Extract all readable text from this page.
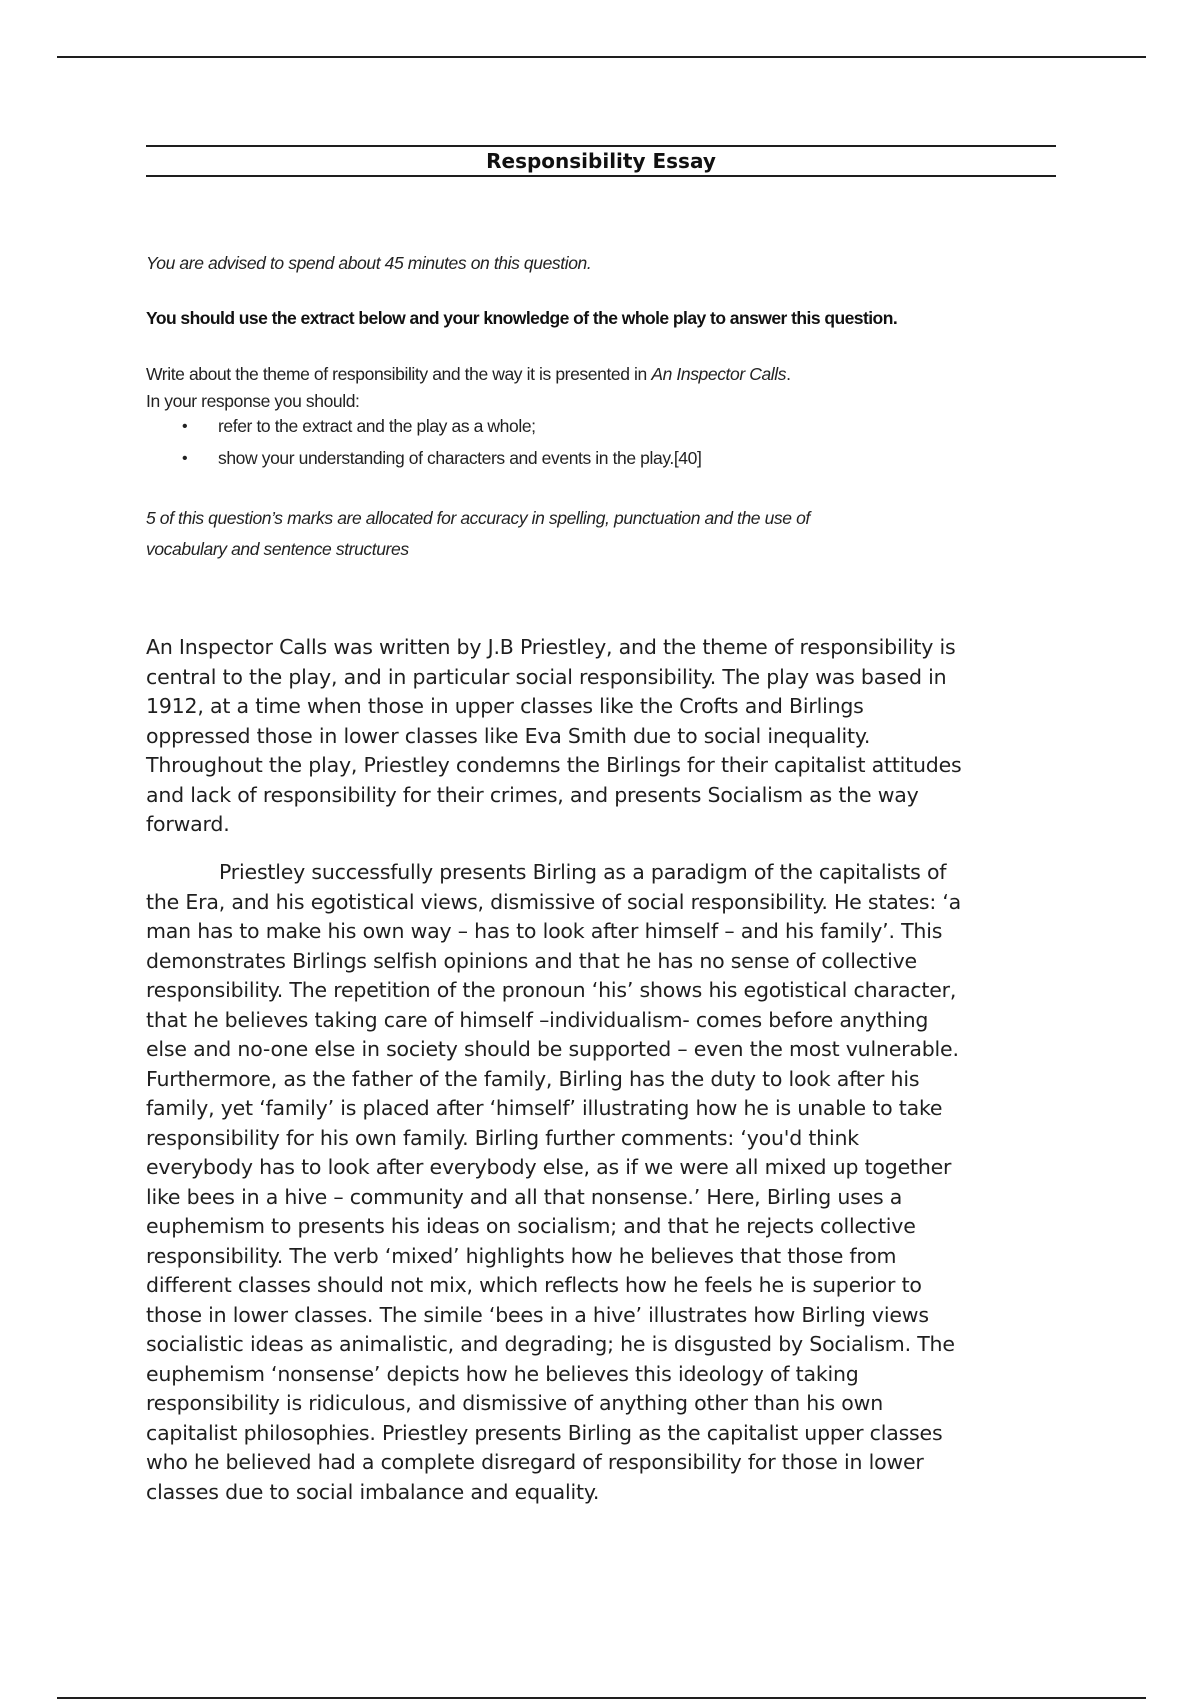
Responsibility Essay
You are advised to spend about 45 minutes on this question.
You should use the extract below and your knowledge of the whole play to answer this question.
Write about the theme of responsibility and the way it is presented in An Inspector Calls.
In your response you should:
• refer to the extract and the play as a whole;
• show your understanding of characters and events in the play.[40]
5 of this question’s marks are allocated for accuracy in spelling, punctuation and the use of
vocabulary and sentence structures

An Inspector Calls was written by J.B Priestley, and the theme of responsibility is
central to the play, and in particular social responsibility. The play was based in
1912, at a time when those in upper classes like the Crofts and Birlings
oppressed those in lower classes like Eva Smith due to social inequality.
Throughout the play, Priestley condemns the Birlings for their capitalist attitudes
and lack of responsibility for their crimes, and presents Socialism as the way
forward.

Priestley successfully presents Birling as a paradigm of the capitalists of
the Era, and his egotistical views, dismissive of social responsibility. He states: ‘a
man has to make his own way – has to look after himself – and his family’. This
demonstrates Birlings selfish opinions and that he has no sense of collective
responsibility. The repetition of the pronoun ‘his’ shows his egotistical character,
that he believes taking care of himself –individualism- comes before anything
else and no-one else in society should be supported – even the most vulnerable.
Furthermore, as the father of the family, Birling has the duty to look after his
family, yet ‘family’ is placed after ‘himself’ illustrating how he is unable to take
responsibility for his own family. Birling further comments: ‘you'd think
everybody has to look after everybody else, as if we were all mixed up together
like bees in a hive – community and all that nonsense.’ Here, Birling uses a
euphemism to presents his ideas on socialism; and that he rejects collective
responsibility. The verb ‘mixed’ highlights how he believes that those from
different classes should not mix, which reflects how he feels he is superior to
those in lower classes. The simile ‘bees in a hive’ illustrates how Birling views
socialistic ideas as animalistic, and degrading; he is disgusted by Socialism. The
euphemism ‘nonsense’ depicts how he believes this ideology of taking
responsibility is ridiculous, and dismissive of anything other than his own
capitalist philosophies. Priestley presents Birling as the capitalist upper classes
who he believed had a complete disregard of responsibility for those in lower
classes due to social imbalance and equality.
